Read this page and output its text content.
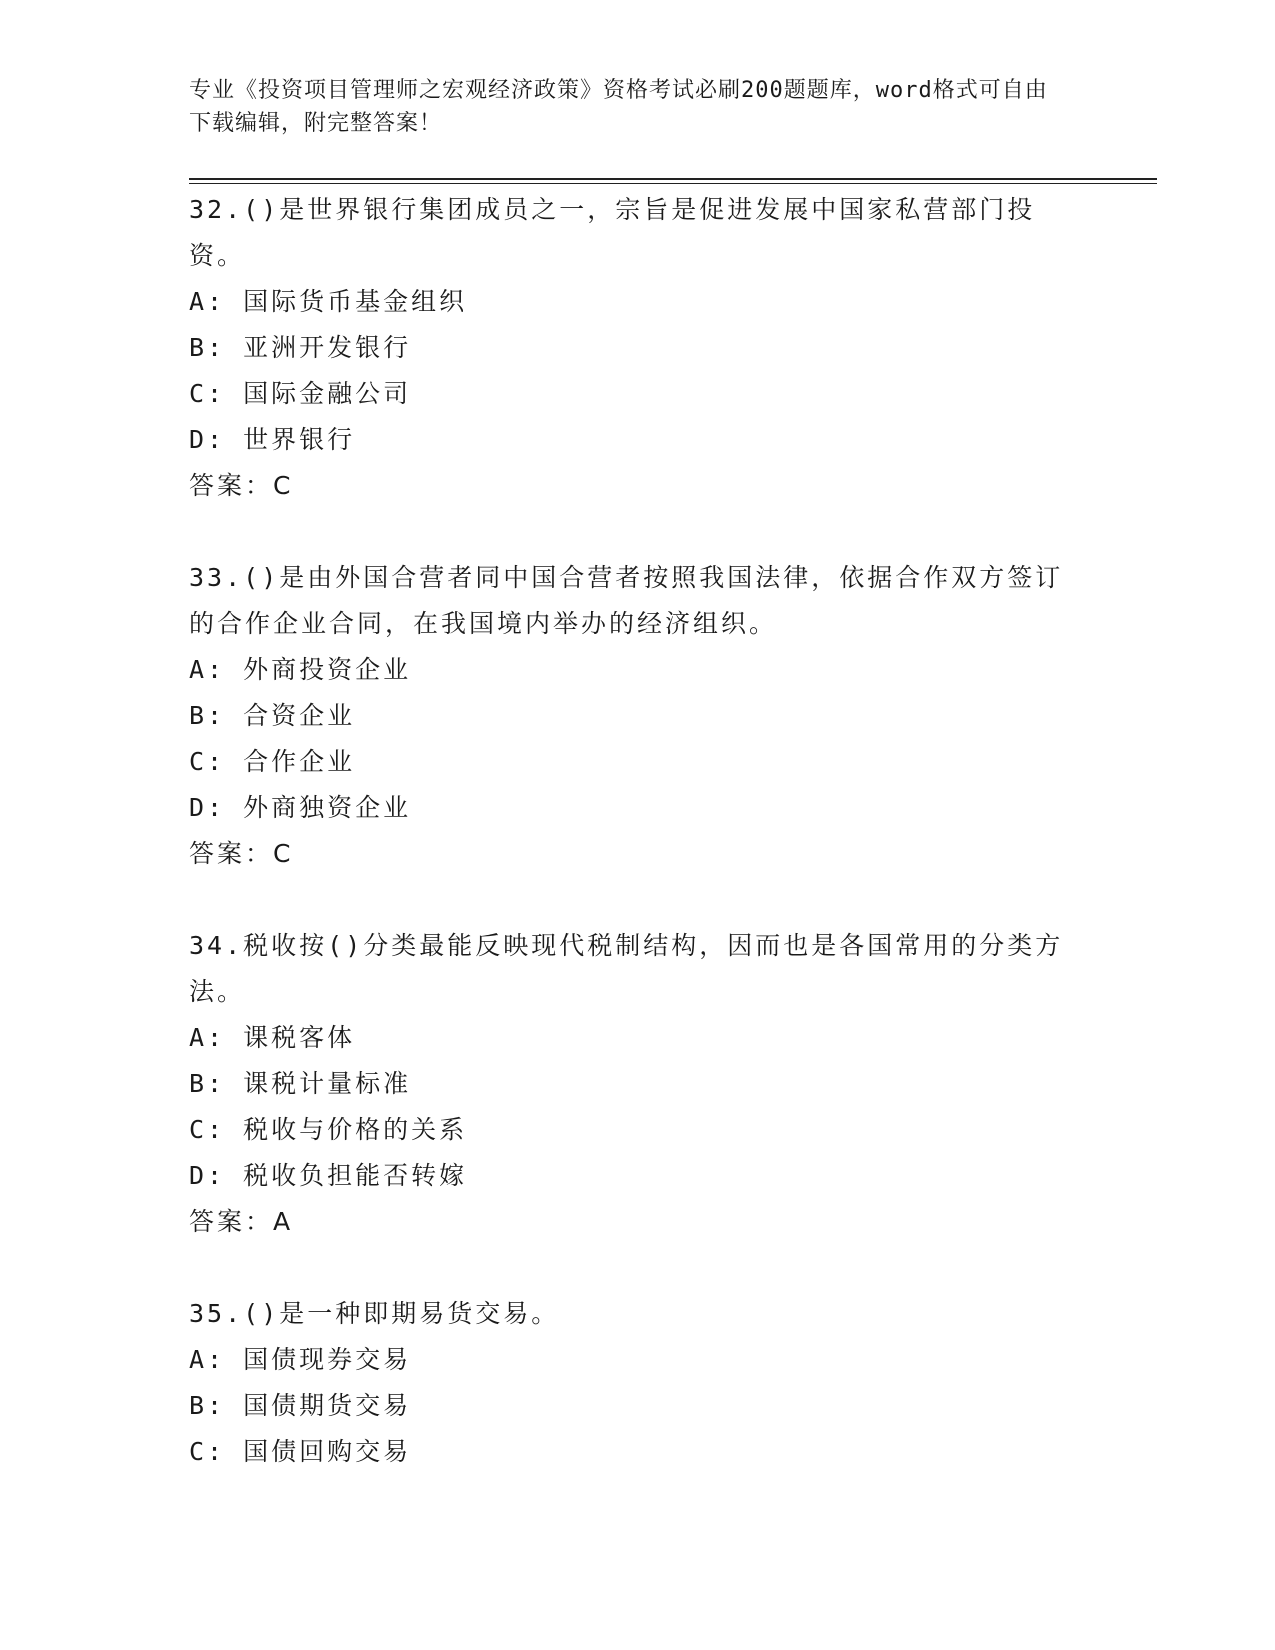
专业《投资项目管理师之宏观经济政策》资格考试必刷200题题库，word格式可自由下载编辑，附完整答案！

32.()是世界银行集团成员之一，宗旨是促进发展中国家私营部门投资。

A: 国际货币基金组织

B: 亚洲开发银行

C: 国际金融公司

D: 世界银行

答案：C

33.()是由外国合营者同中国合营者按照我国法律，依据合作双方签订的合作企业合同，在我国境内举办的经济组织。

A: 外商投资企业

B: 合资企业

C: 合作企业

D: 外商独资企业

答案：C

34.税收按()分类最能反映现代税制结构，因而也是各国常用的分类方法。

A: 课税客体

B: 课税计量标准

C: 税收与价格的关系

D: 税收负担能否转嫁

答案：A

35.()是一种即期易货交易。

A: 国债现券交易

B: 国债期货交易

C: 国债回购交易
